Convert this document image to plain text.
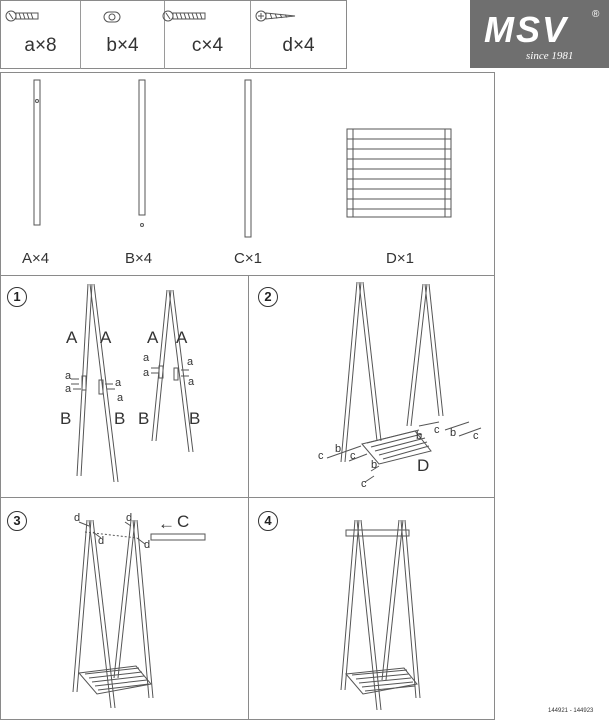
a×8	b×4	c×4	d×4	MSV ®
since 1981
A×4	B×4	C×1	D×1
1
A A A A
B	B B B
a
a	a
a
a
a
a
a
2
c
b
c
b
c
b c b c
D
3	d
d
d
d
← C	4
144921 - 144923
